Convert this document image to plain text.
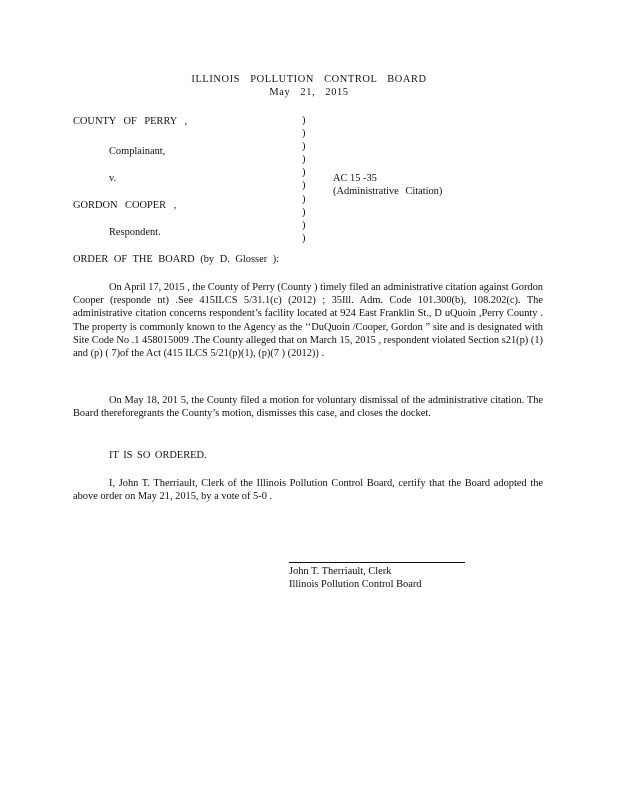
ILLINOIS POLLUTION CONTROL BOARD
May 21, 2015
COUNTY OF PERRY ,
Complainant,
v.
GORDON COOPER ,
Respondent.
)
)
)
)
)
)
)
)
)
)
AC 15 -35
(Administrative Citation)
ORDER OF THE BOARD (by D. Glosser ):
On April 17, 2015 , the County of Perry (County ) timely filed an administrative citation against Gordon Cooper (responde nt) .See 415ILCS 5/31.1(c) (2012) ; 35Ill. Adm. Code 101.300(b), 108.202(c). The administrative citation concerns respondent’s facility located at 924 East Franklin St., D uQuoin ,Perry County . The property is commonly known to the Agency as the ‘‘DuQuoin /Cooper, Gordon ” site and is designated with Site Code No .1 458015009 .The County alleged that on March 15, 2015 , respondent violated Section s21(p) (1) and (p) ( 7)of the Act (415 ILCS 5/21(p)(1), (p)(7 ) (2012)) .
On May 18, 201 5, the County filed a motion for voluntary dismissal of the administrative citation. The Board thereforegrants the County’s motion, dismisses this case, and closes the docket.
IT IS SO ORDERED.
I, John T. Therriault, Clerk of the Illinois Pollution Control Board, certify that the Board adopted the above order on May 21, 2015, by a vote of 5-0 .
John T. Therriault, Clerk
Illinois Pollution Control Board
